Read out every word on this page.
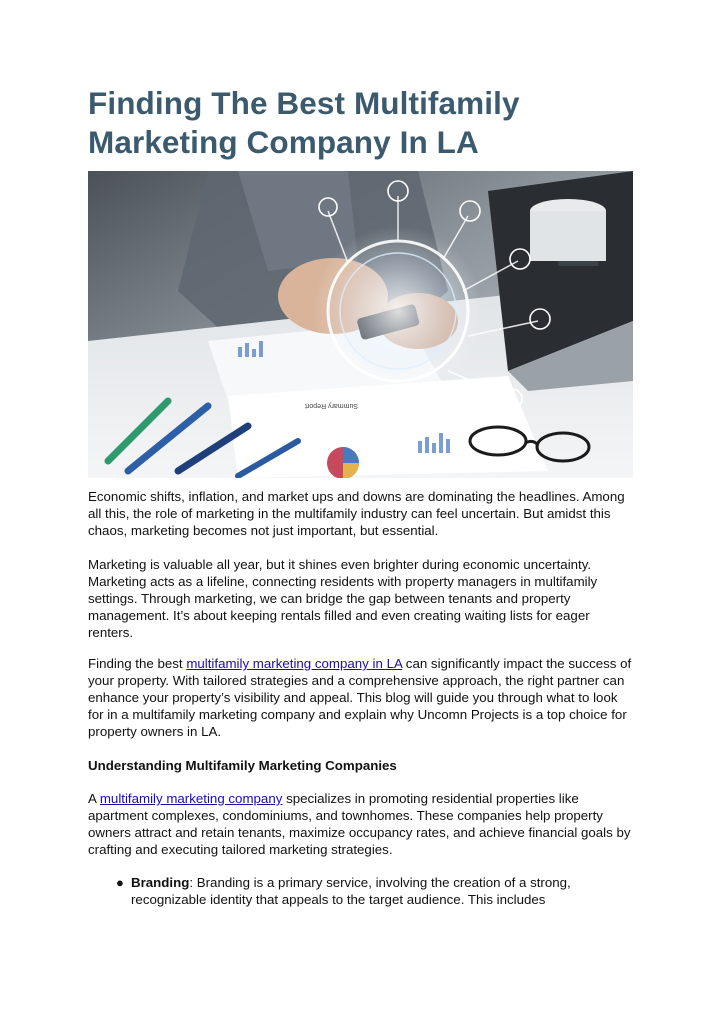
Finding The Best Multifamily Marketing Company In LA
Summary Report

Economic shifts, inflation, and market ups and downs are dominating the headlines. Among all this, the role of marketing in the multifamily industry can feel uncertain. But amidst this chaos, marketing becomes not just important, but essential.

Marketing is valuable all year, but it shines even brighter during economic uncertainty. Marketing acts as a lifeline, connecting residents with property managers in multifamily settings. Through marketing, we can bridge the gap between tenants and property management. It’s about keeping rentals filled and even creating waiting lists for eager renters.

Finding the best multifamily marketing company in LA can significantly impact the success of your property. With tailored strategies and a comprehensive approach, the right partner can enhance your property’s visibility and appeal. This blog will guide you through what to look for in a multifamily marketing company and explain why Uncomn Projects is a top choice for property owners in LA.

Understanding Multifamily Marketing Companies

A multifamily marketing company specializes in promoting residential properties like apartment complexes, condominiums, and townhomes. These companies help property owners attract and retain tenants, maximize occupancy rates, and achieve financial goals by crafting and executing tailored marketing strategies.

● Branding: Branding is a primary service, involving the creation of a strong, recognizable identity that appeals to the target audience. This includes
